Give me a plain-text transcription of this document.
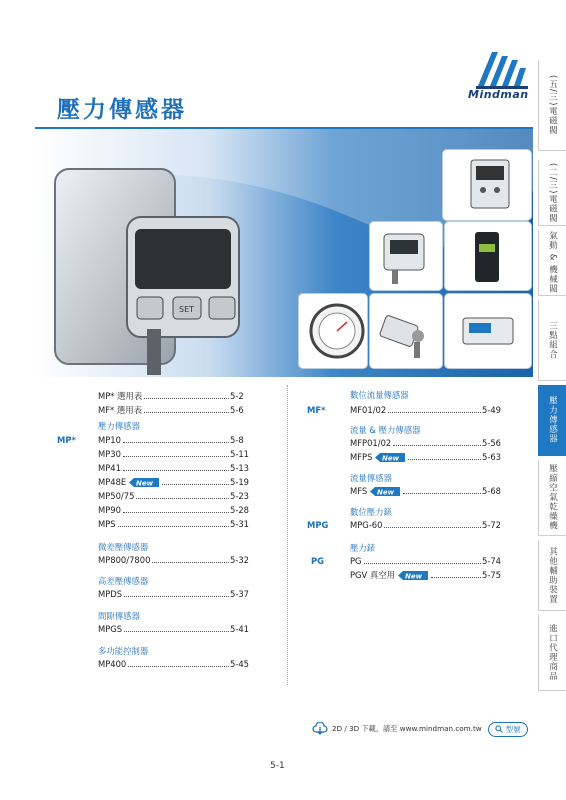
Mindman
壓力傳感器
SET
MP* 選用表	5-2
MF* 選用表	5-6
壓力傳感器
MP10	5-8
MP30	5-11
MP41	5-13
MP48E New	5-19
MP50/75	5-23
MP90	5-28
MPS	5-31
微差壓傳感器
MP800/7800	5-32
高差壓傳感器
MPDS	5-37
間隙傳感器
MPGS	5-41
多功能控制器
MP400	5-45
數位流量傳感器
MF01/02	5-49
流量 & 壓力傳感器
MFP01/02	5-56
MFPS New	5-63
流量傳感器
MFS New	5-68
數位壓力錶
MPG-60	5-72
壓力錶
PG	5-74
PGV 真空用 New	5-75
MP*
MF*
MPG
PG
2D / 3D 下載，請至 www.mindman.com.tw	型號
5-1
(五/三)電磁閥
(二/三)電磁閥
氣動 & 機械閥
三點組合
壓力傳感器
壓縮空氣乾燥機
其他輔助裝置
進口代理商品
